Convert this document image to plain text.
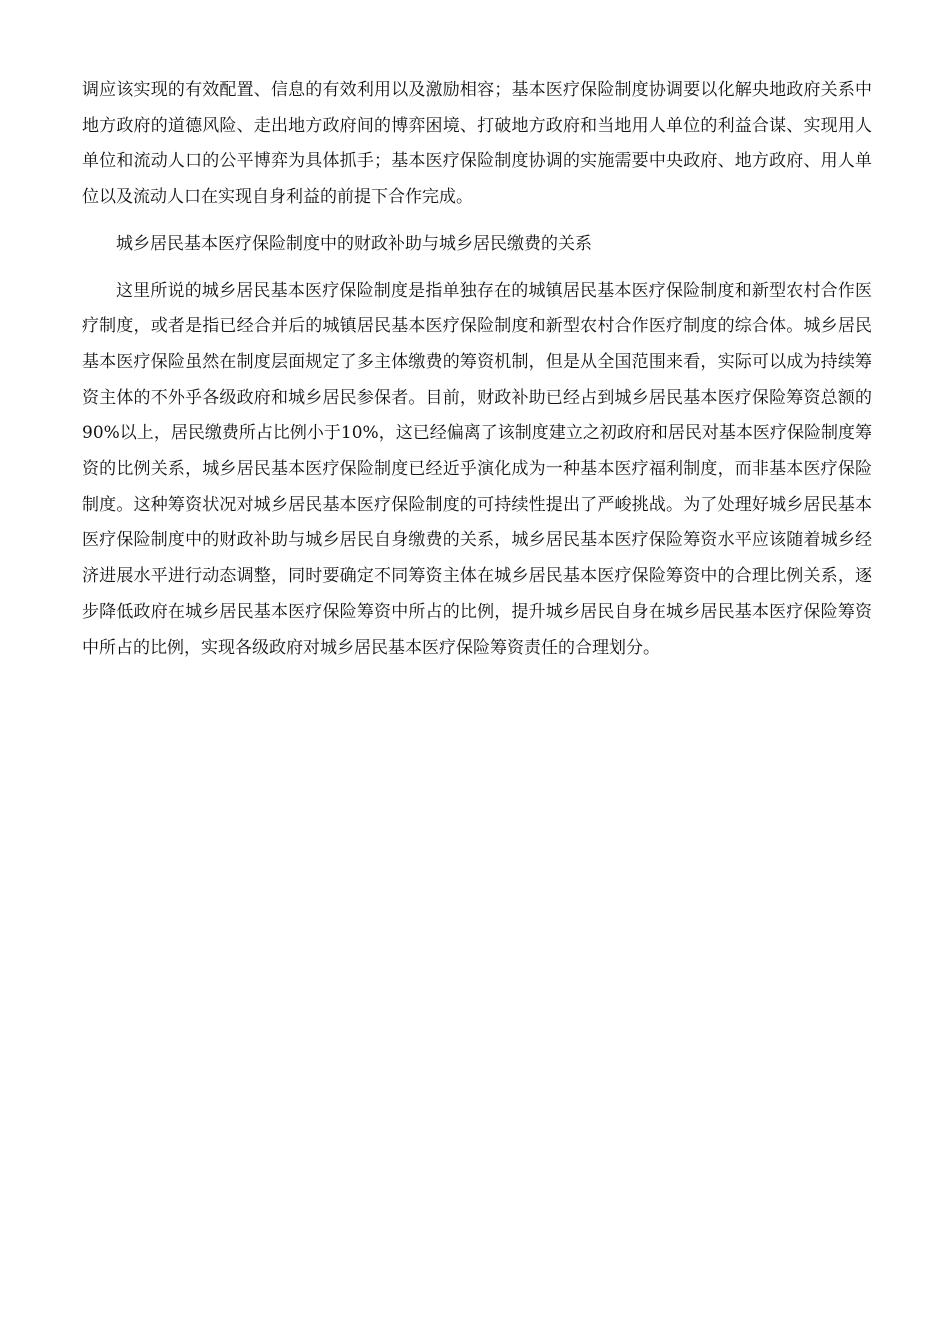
调应该实现的有效配置、信息的有效利用以及激励相容；基本医疗保险制度协调要以化解央地政府关系中地方政府的道德风险、走出地方政府间的博弈困境、打破地方政府和当地用人单位的利益合谋、实现用人单位和流动人口的公平博弈为具体抓手；基本医疗保险制度协调的实施需要中央政府、地方政府、用人单位以及流动人口在实现自身利益的前提下合作完成。

城乡居民基本医疗保险制度中的财政补助与城乡居民缴费的关系

这里所说的城乡居民基本医疗保险制度是指单独存在的城镇居民基本医疗保险制度和新型农村合作医疗制度，或者是指已经合并后的城镇居民基本医疗保险制度和新型农村合作医疗制度的综合体。城乡居民基本医疗保险虽然在制度层面规定了多主体缴费的筹资机制，但是从全国范围来看，实际可以成为持续筹资主体的不外乎各级政府和城乡居民参保者。目前，财政补助已经占到城乡居民基本医疗保险筹资总额的90%以上，居民缴费所占比例小于10%，这已经偏离了该制度建立之初政府和居民对基本医疗保险制度筹资的比例关系，城乡居民基本医疗保险制度已经近乎演化成为一种基本医疗福利制度，而非基本医疗保险制度。这种筹资状况对城乡居民基本医疗保险制度的可持续性提出了严峻挑战。为了处理好城乡居民基本医疗保险制度中的财政补助与城乡居民自身缴费的关系，城乡居民基本医疗保险筹资水平应该随着城乡经济进展水平进行动态调整，同时要确定不同筹资主体在城乡居民基本医疗保险筹资中的合理比例关系，逐步降低政府在城乡居民基本医疗保险筹资中所占的比例，提升城乡居民自身在城乡居民基本医疗保险筹资中所占的比例，实现各级政府对城乡居民基本医疗保险筹资责任的合理划分。
